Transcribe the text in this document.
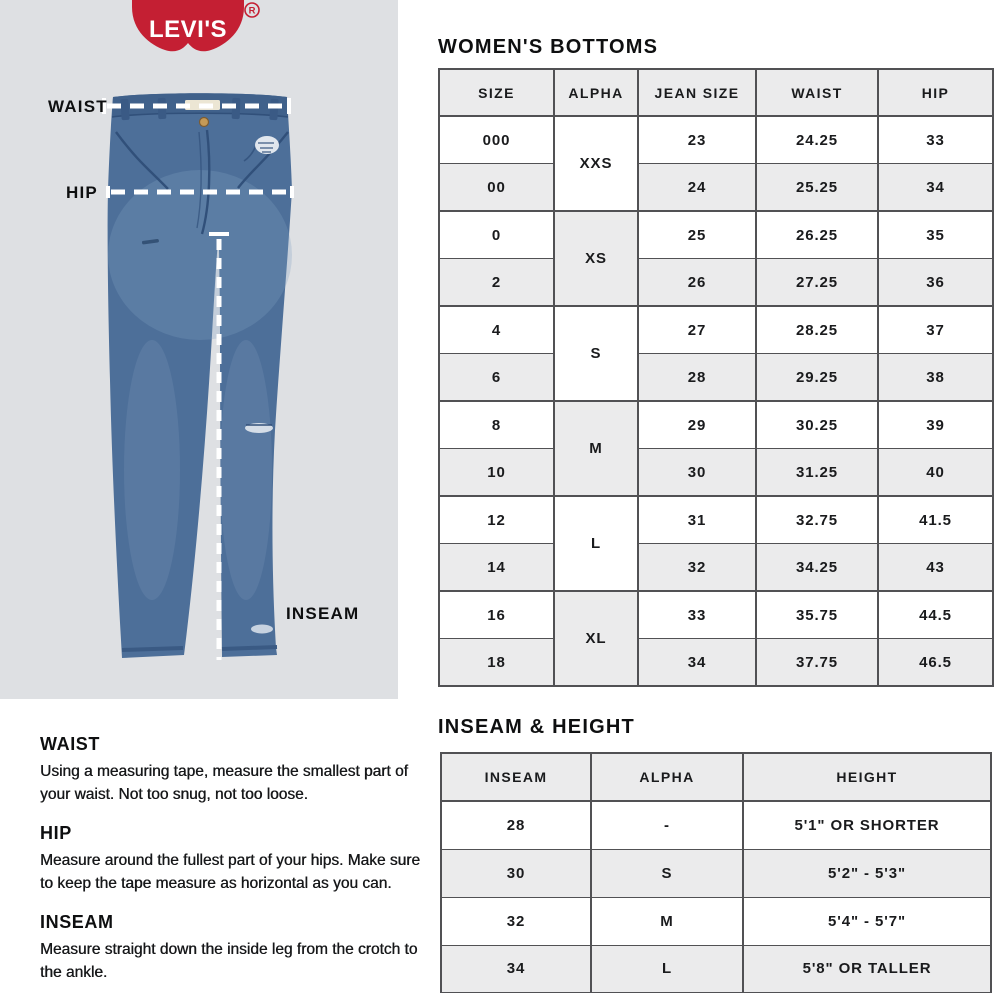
LEVI'S
R
WAIST
HIP
INSEAM
WAIST

Using a measuring tape, measure the smallest part of your waist. Not too snug, not too loose.

HIP

Measure around the fullest part of your hips. Make sure to keep the tape measure as horizontal as you can.

INSEAM

Measure straight down the inside leg from the crotch to the ankle.

WOMEN'S BOTTOMS
SIZE	ALPHA	JEAN SIZE	WAIST	HIP
000	XXS	23	24.25	33
00		24	25.25	34
0	XS	25	26.25	35
2		26	27.25	36
4	S	27	28.25	37
6		28	29.25	38
8	M	29	30.25	39
10		30	31.25	40
12	L	31	32.75	41.5
14		32	34.25	43
16	XL	33	35.75	44.5
18		34	37.75	46.5
INSEAM & HEIGHT
INSEAM	ALPHA	HEIGHT
28	-	5'1" OR SHORTER
30	S	5'2" - 5'3"
32	M	5'4" - 5'7"
34	L	5'8" OR TALLER
